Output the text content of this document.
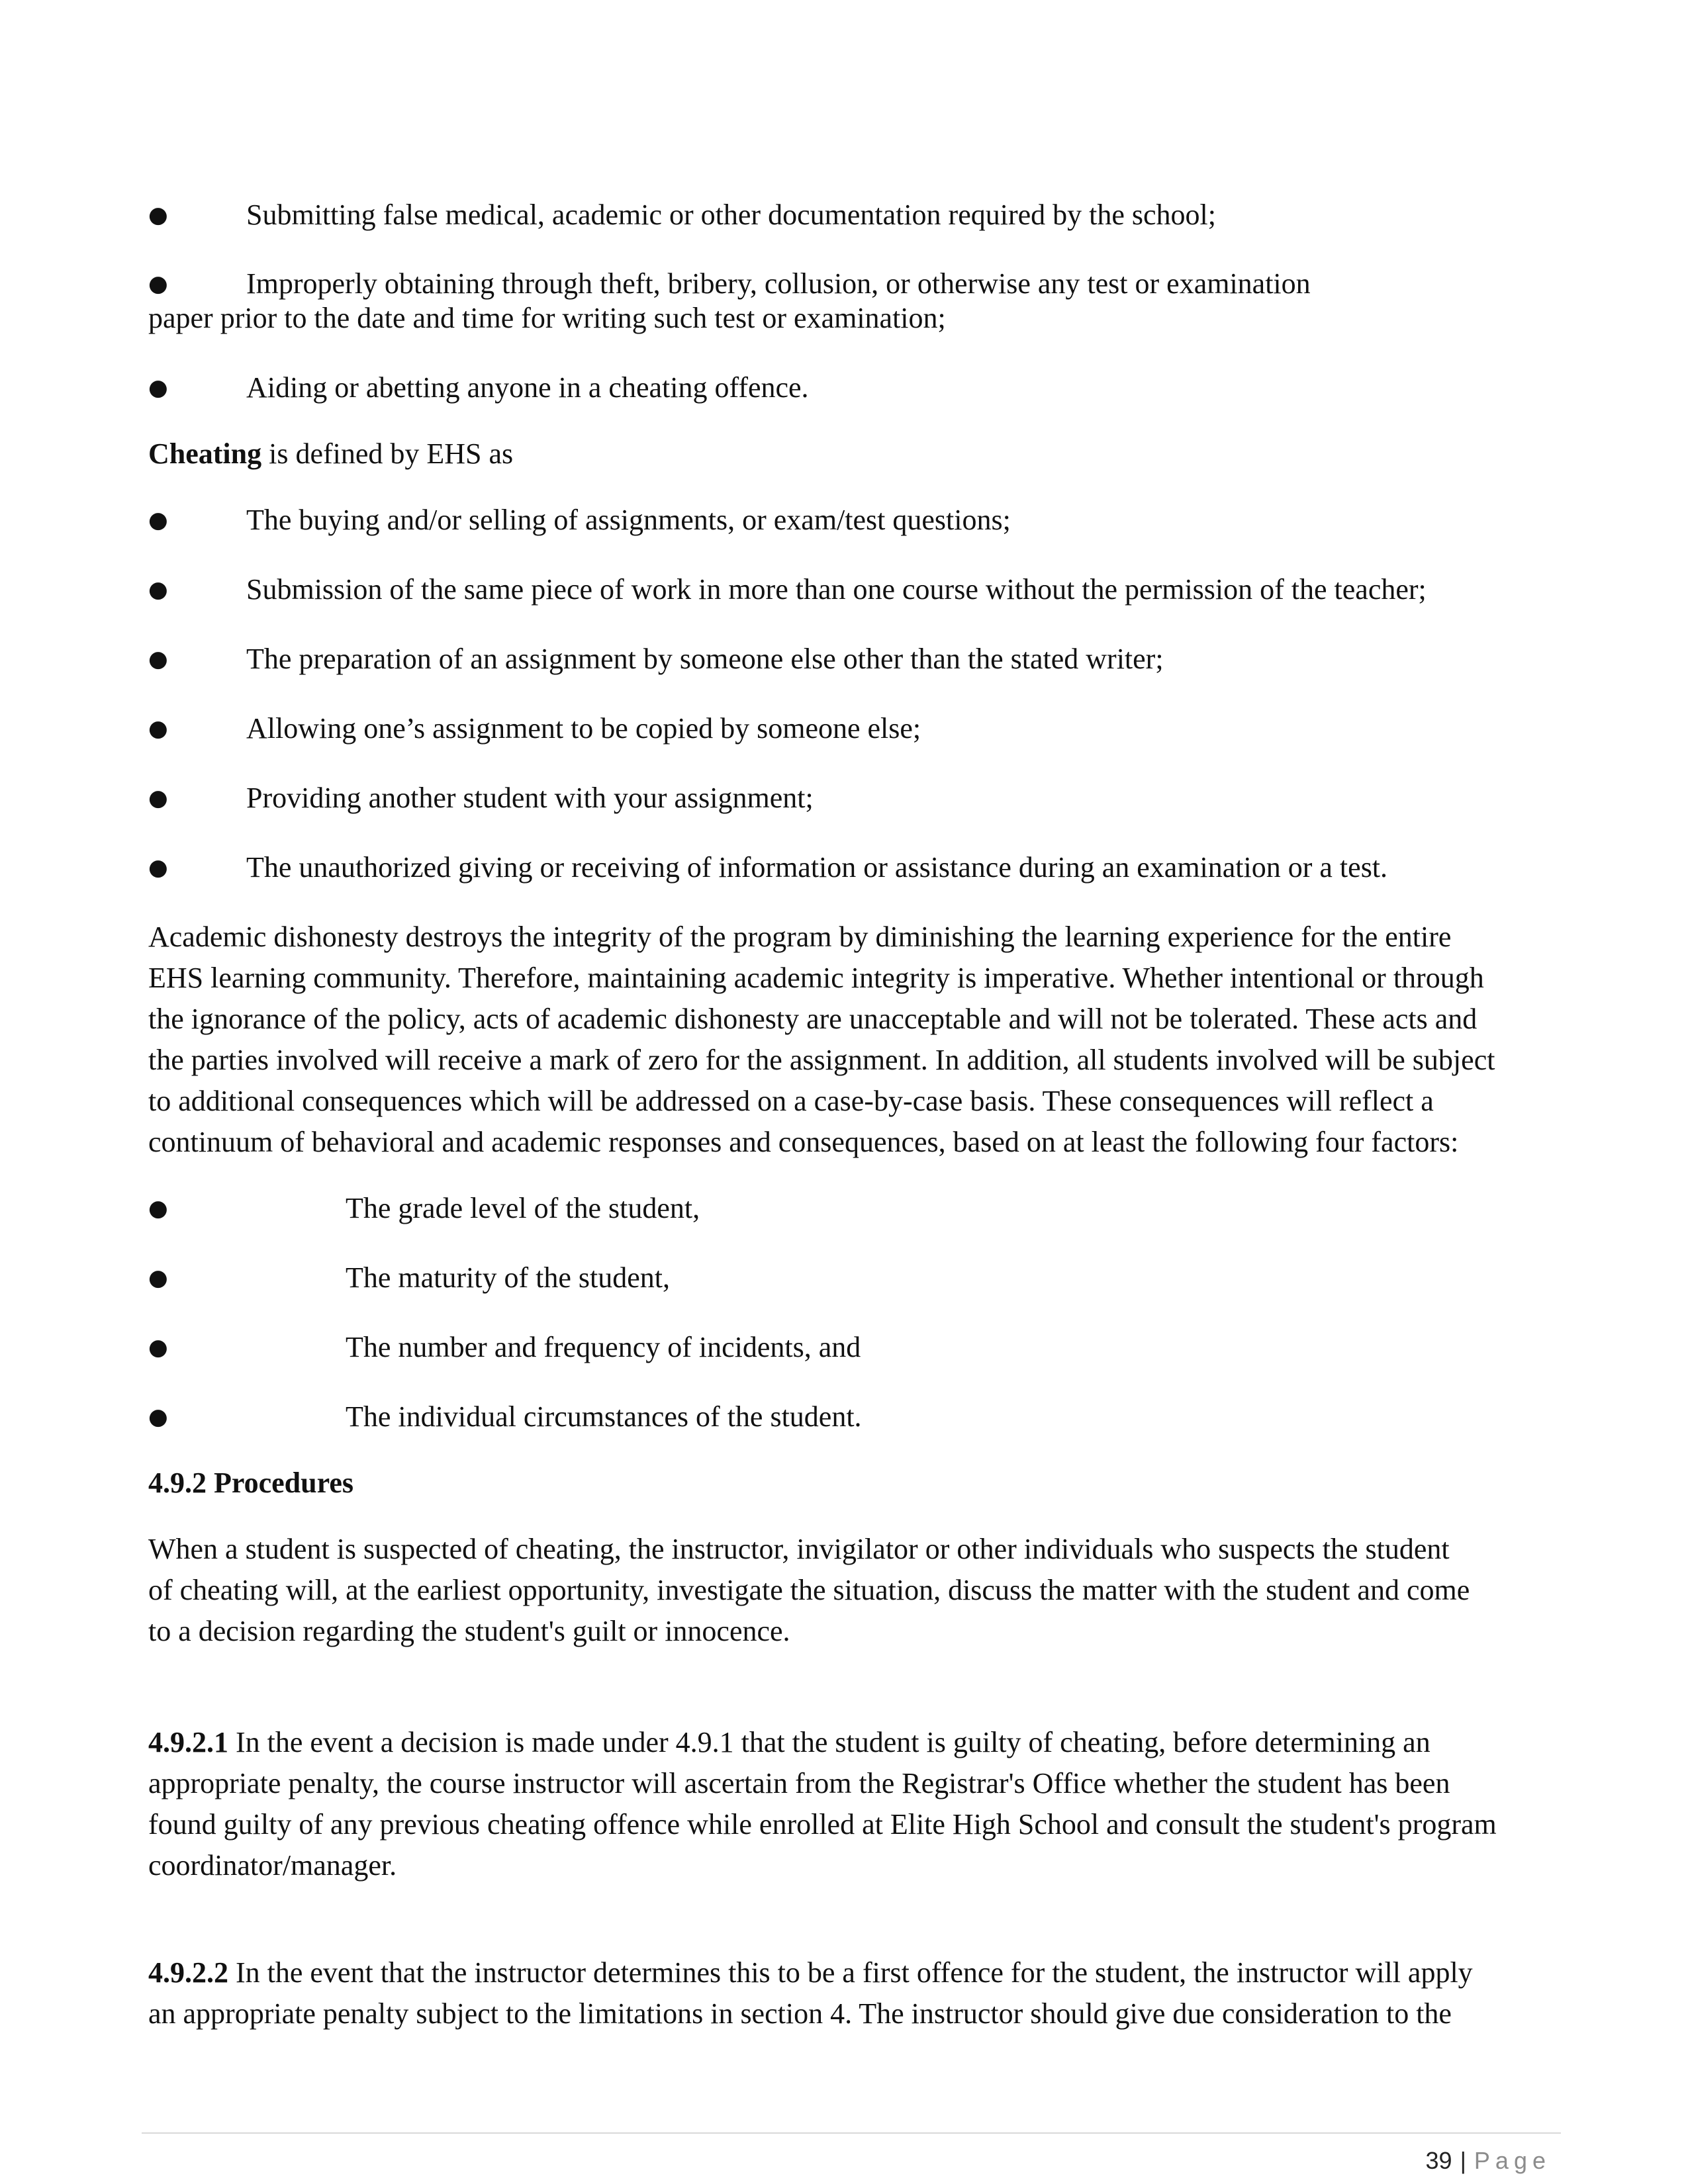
●	Submitting false medical, academic or other documentation required by the school;
●	Improperly obtaining through theft, bribery, collusion, or otherwise any test or examination
paper prior to the date and time for writing such test or examination;
●	Aiding or abetting anyone in a cheating offence.
Cheating is defined by EHS as
●	The buying and/or selling of assignments, or exam/test questions;
●	Submission of the same piece of work in more than one course without the permission of the teacher;
●	The preparation of an assignment by someone else other than the stated writer;
●	Allowing one’s assignment to be copied by someone else;
●	Providing another student with your assignment;
●	The unauthorized giving or receiving of information or assistance during an examination or a test.
Academic dishonesty destroys the integrity of the program by diminishing the learning experience for the entire
EHS learning community. Therefore, maintaining academic integrity is imperative. Whether intentional or through
the ignorance of the policy, acts of academic dishonesty are unacceptable and will not be tolerated. These acts and
the parties involved will receive a mark of zero for the assignment. In addition, all students involved will be subject
to additional consequences which will be addressed on a case-by-case basis. These consequences will reflect a
continuum of behavioral and academic responses and consequences, based on at least the following four factors:
●	The grade level of the student,
●	The maturity of the student,
●	The number and frequency of incidents, and
●	The individual circumstances of the student.
4.9.2 Procedures
When a student is suspected of cheating, the instructor, invigilator or other individuals who suspects the student
of cheating will, at the earliest opportunity, investigate the situation, discuss the matter with the student and come
to a decision regarding the student's guilt or innocence.
4.9.2.1 In the event a decision is made under 4.9.1 that the student is guilty of cheating, before determining an
appropriate penalty, the course instructor will ascertain from the Registrar's Office whether the student has been
found guilty of any previous cheating offence while enrolled at Elite High School and consult the student's program
coordinator/manager.
4.9.2.2 In the event that the instructor determines this to be a first offence for the student, the instructor will apply
an appropriate penalty subject to the limitations in section 4. The instructor should give due consideration to the
39 | Page
